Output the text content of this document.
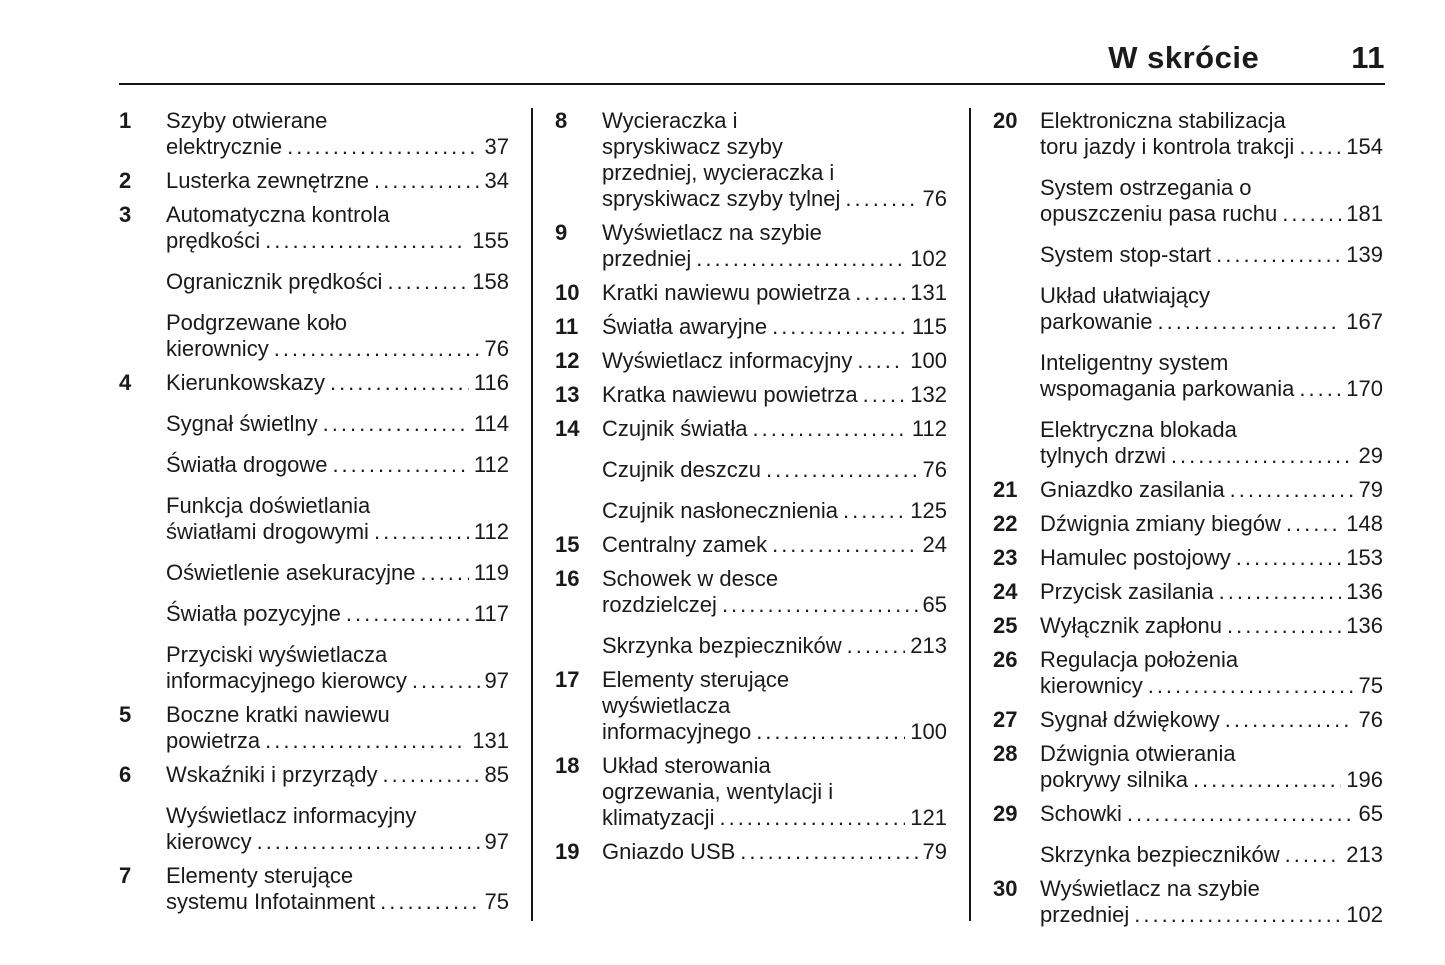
W skrócie	11
1 Szyby otwierane
elektrycznie .....	37
2 Lusterka zewnętrzne .....	34
3 Automatyczna kontrola
prędkości .....	155
Ogranicznik prędkości .....	158
Podgrzewane koło
kierownicy .....	76
4 Kierunkowskazy .....	116
Sygnał świetlny .....	114
Światła drogowe .....	112
Funkcja doświetlania
światłami drogowymi .....	112
Oświetlenie asekuracyjne .....	119
Światła pozycyjne .....	117
Przyciski wyświetlacza
informacyjnego kierowcy .....	97
5 Boczne kratki nawiewu
powietrza .....	131
6 Wskaźniki i przyrządy .....	85
Wyświetlacz informacyjny
kierowcy .....	97
7 Elementy sterujące
systemu Infotainment .....	75
8 Wycieraczka i
spryskiwacz szyby
przedniej, wycieraczka i
spryskiwacz szyby tylnej .....	76
9 Wyświetlacz na szybie
przedniej .....	102
10 Kratki nawiewu powietrza .....	131
11 Światła awaryjne .....	115
12 Wyświetlacz informacyjny .....	100
13 Kratka nawiewu powietrza ..... 132
14 Czujnik światła .....	112
Czujnik deszczu .....	76
Czujnik nasłonecznienia .....	125
15 Centralny zamek .....	24
16 Schowek w desce
rozdzielczej .....	65
Skrzynka bezpieczników .....	213
17 Elementy sterujące
wyświetlacza
informacyjnego .....	100
18 Układ sterowania
ogrzewania, wentylacji i
klimatyzacji .....	121
19 Gniazdo USB .....	79
20 Elektroniczna stabilizacja
toru jazdy i kontrola trakcji ..... 154
System ostrzegania o
opuszczeniu pasa ruchu .....	181
System stop-start .....	139
Układ ułatwiający
parkowanie .....	167
Inteligentny system
wspomagania parkowania ..... 170
Elektryczna blokada
tylnych drzwi .....	29
21 Gniazdko zasilania .....	79
22 Dźwignia zmiany biegów .....	148
23 Hamulec postojowy .....	153
24 Przycisk zasilania .....	136
25 Wyłącznik zapłonu .....	136
26 Regulacja położenia
kierownicy .....	75
27 Sygnał dźwiękowy .....	76
28 Dźwignia otwierania
pokrywy silnika .....	196
29 Schowki .....	65
Skrzynka bezpieczników .....	213
30 Wyświetlacz na szybie
przedniej .....	102
